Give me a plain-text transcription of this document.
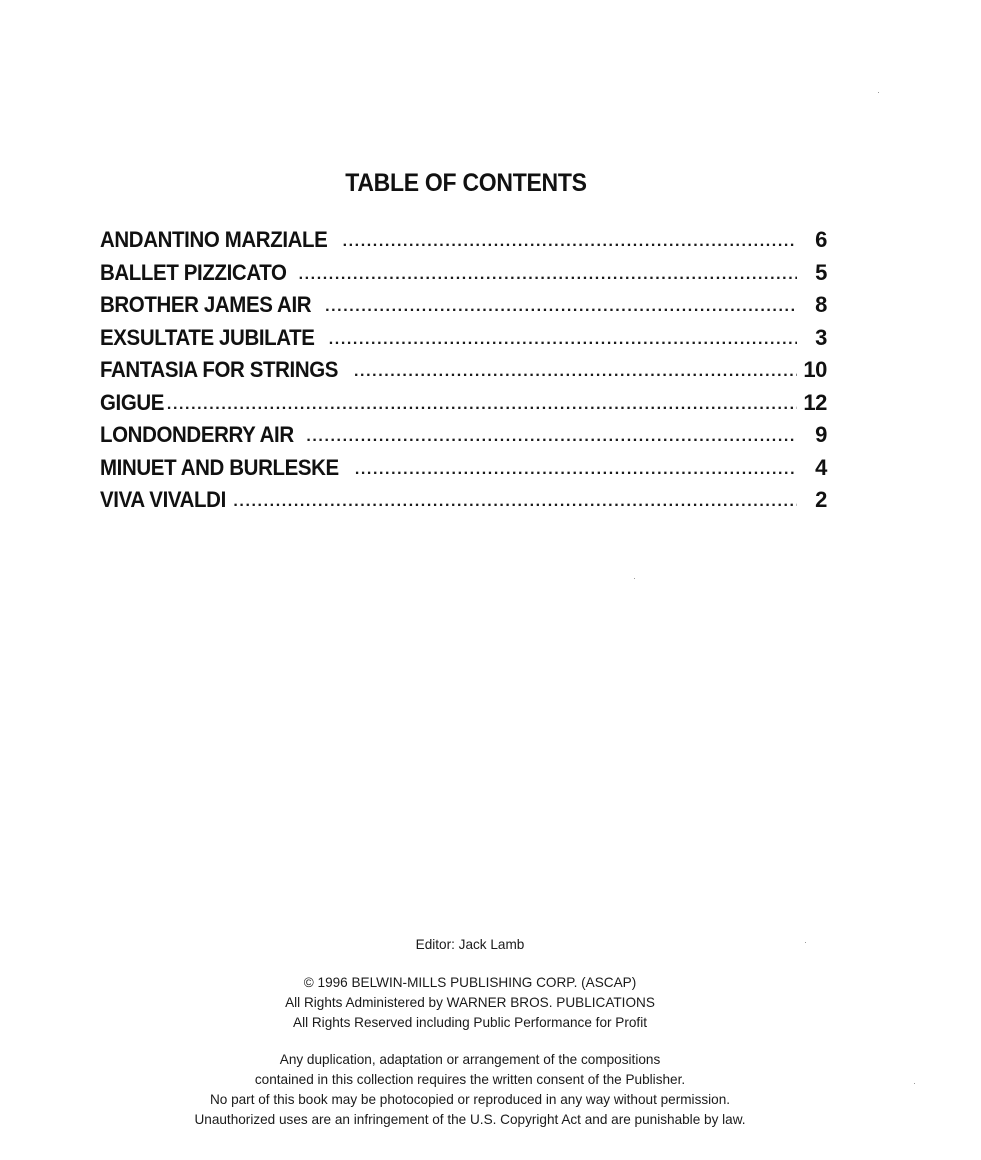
TABLE OF CONTENTS
ANDANTINO MARZIALE .....	6
BALLET PIZZICATO .....	5
BROTHER JAMES AIR .....	8
EXSULTATE JUBILATE .....	3
FANTASIA FOR STRINGS .....	10
GIGUE .....	12
LONDONDERRY AIR .....	9
MINUET AND BURLESKE .....	4
VIVA VIVALDI .....	2
Editor: Jack Lamb
© 1996 BELWIN-MILLS PUBLISHING CORP. (ASCAP)
All Rights Administered by WARNER BROS. PUBLICATIONS
All Rights Reserved including Public Performance for Profit
Any duplication, adaptation or arrangement of the compositions
contained in this collection requires the written consent of the Publisher.
No part of this book may be photocopied or reproduced in any way without permission.
Unauthorized uses are an infringement of the U.S. Copyright Act and are punishable by law.
